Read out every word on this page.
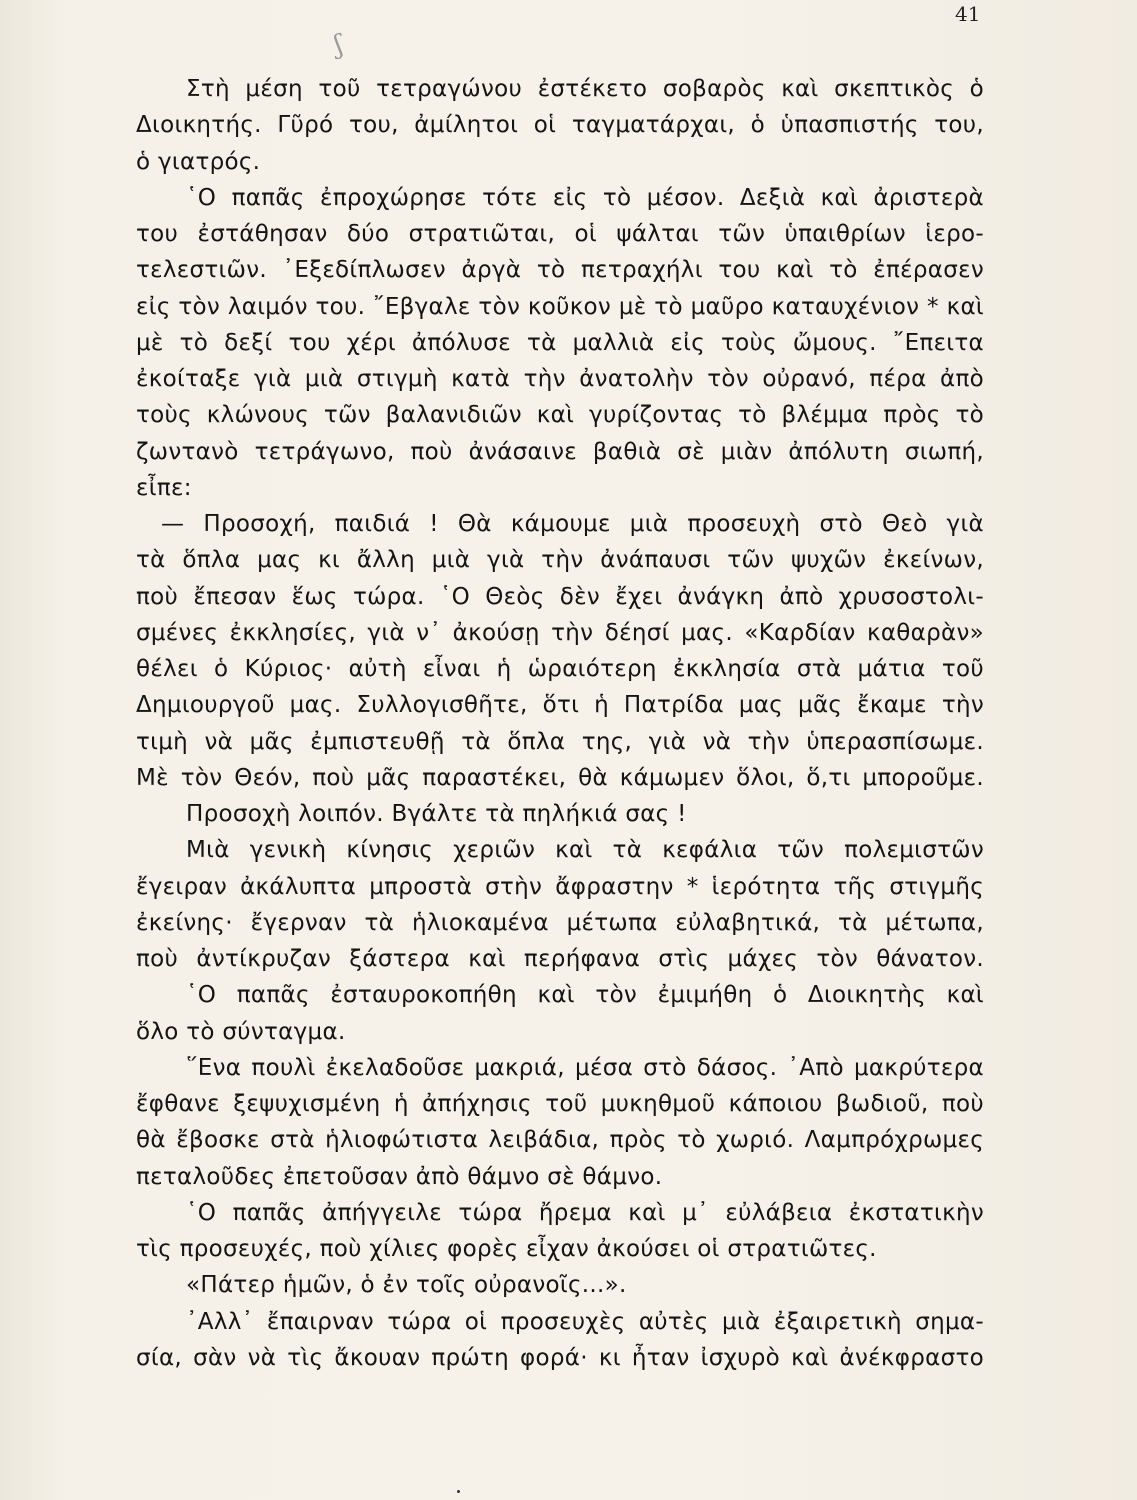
41
ʃ
Στὴ μέση τοῦ τετραγώνου ἐστέκετο σοβαρὸς καὶ σκεπτικὸς ὁ
Διοικητής. Γῦρό του, ἀμίλητοι οἱ ταγματάρχαι, ὁ ὑπασπιστής του,
ὁ γιατρός.
῾Ο παπᾶς ἐπροχώρησε τότε εἰς τὸ μέσον. Δεξιὰ καὶ ἀριστερὰ
του ἐστάθησαν δύο στρατιῶται, οἱ ψάλται τῶν ὑπαιθρίων ἱερο-
τελεστιῶν. ᾿Εξεδίπλωσεν ἀργὰ τὸ πετραχήλι του καὶ τὸ ἐπέρασεν
εἰς τὸν λαιμόν του. ῎Εβγαλε τὸν κοῦκον μὲ τὸ μαῦρο καταυχένιον * καὶ
μὲ τὸ δεξί του χέρι ἀπόλυσε τὰ μαλλιὰ εἰς τοὺς ὤμους. ῎Επειτα
ἐκοίταξε γιὰ μιὰ στιγμὴ κατὰ τὴν ἀνατολὴν τὸν οὐρανό, πέρα ἀπὸ
τοὺς κλώνους τῶν βαλανιδιῶν καὶ γυρίζοντας τὸ βλέμμα πρὸς τὸ
ζωντανὸ τετράγωνο, ποὺ ἀνάσαινε βαθιὰ σὲ μιὰν ἀπόλυτη σιωπή,
εἶπε:
— Προσοχή, παιδιά ! Θὰ κάμουμε μιὰ προσευχὴ στὸ Θεὸ γιὰ
τὰ ὅπλα μας κι ἄλλη μιὰ γιὰ τὴν ἀνάπαυσι τῶν ψυχῶν ἐκείνων,
ποὺ ἔπεσαν ἕως τώρα. ῾Ο Θεὸς δὲν ἔχει ἀνάγκη ἀπὸ χρυσοστολι-
σμένες ἐκκλησίες, γιὰ ν᾿ ἀκούσῃ τὴν δέησί μας. «Καρδίαν καθαρὰν»
θέλει ὁ Κύριος· αὐτὴ εἶναι ἡ ὡραιότερη ἐκκλησία στὰ μάτια τοῦ
Δημιουργοῦ μας. Συλλογισθῆτε, ὅτι ἡ Πατρίδα μας μᾶς ἔκαμε τὴν
τιμὴ νὰ μᾶς ἐμπιστευθῇ τὰ ὅπλα της, γιὰ νὰ τὴν ὑπερασπίσωμε.
Μὲ τὸν Θεόν, ποὺ μᾶς παραστέκει, θὰ κάμωμεν ὅλοι, ὅ,τι μποροῦμε.
Προσοχὴ λοιπόν. Βγάλτε τὰ πηλήκιά σας !
Μιὰ γενικὴ κίνησις χεριῶν καὶ τὰ κεφάλια τῶν πολεμιστῶν
ἔγειραν ἀκάλυπτα μπροστὰ στὴν ἄφραστην * ἱερότητα τῆς στιγμῆς
ἐκείνης· ἔγερναν τὰ ἡλιοκαμένα μέτωπα εὐλαβητικά, τὰ μέτωπα,
ποὺ ἀντίκρυζαν ξάστερα καὶ περήφανα στὶς μάχες τὸν θάνατον.
῾Ο παπᾶς ἐσταυροκοπήθη καὶ τὸν ἐμιμήθη ὁ Διοικητὴς καὶ
ὅλο τὸ σύνταγμα.
῞Ενα πουλὶ ἐκελαδοῦσε μακριά, μέσα στὸ δάσος. ᾿Απὸ μακρύτερα
ἔφθανε ξεψυχισμένη ἡ ἀπήχησις τοῦ μυκηθμοῦ κάποιου βωδιοῦ, ποὺ
θὰ ἔβοσκε στὰ ἡλιοφώτιστα λειβάδια, πρὸς τὸ χωριό. Λαμπρόχρωμες
πεταλοῦδες ἐπετοῦσαν ἀπὸ θάμνο σὲ θάμνο.
῾Ο παπᾶς ἀπήγγειλε τώρα ἤρεμα καὶ μ᾿ εὐλάβεια ἐκστατικὴν
τὶς προσευχές, ποὺ χίλιες φορὲς εἶχαν ἀκούσει οἱ στρατιῶτες.
«Πάτερ ἡμῶν, ὁ ἐν τοῖς οὐρανοῖς...».
᾿Αλλ᾿ ἔπαιρναν τώρα οἱ προσευχὲς αὐτὲς μιὰ ἐξαιρετικὴ σημα-
σία, σὰν νὰ τὶς ἄκουαν πρώτη φορά· κι ἦταν ἰσχυρὸ καὶ ἀνέκφραστο
